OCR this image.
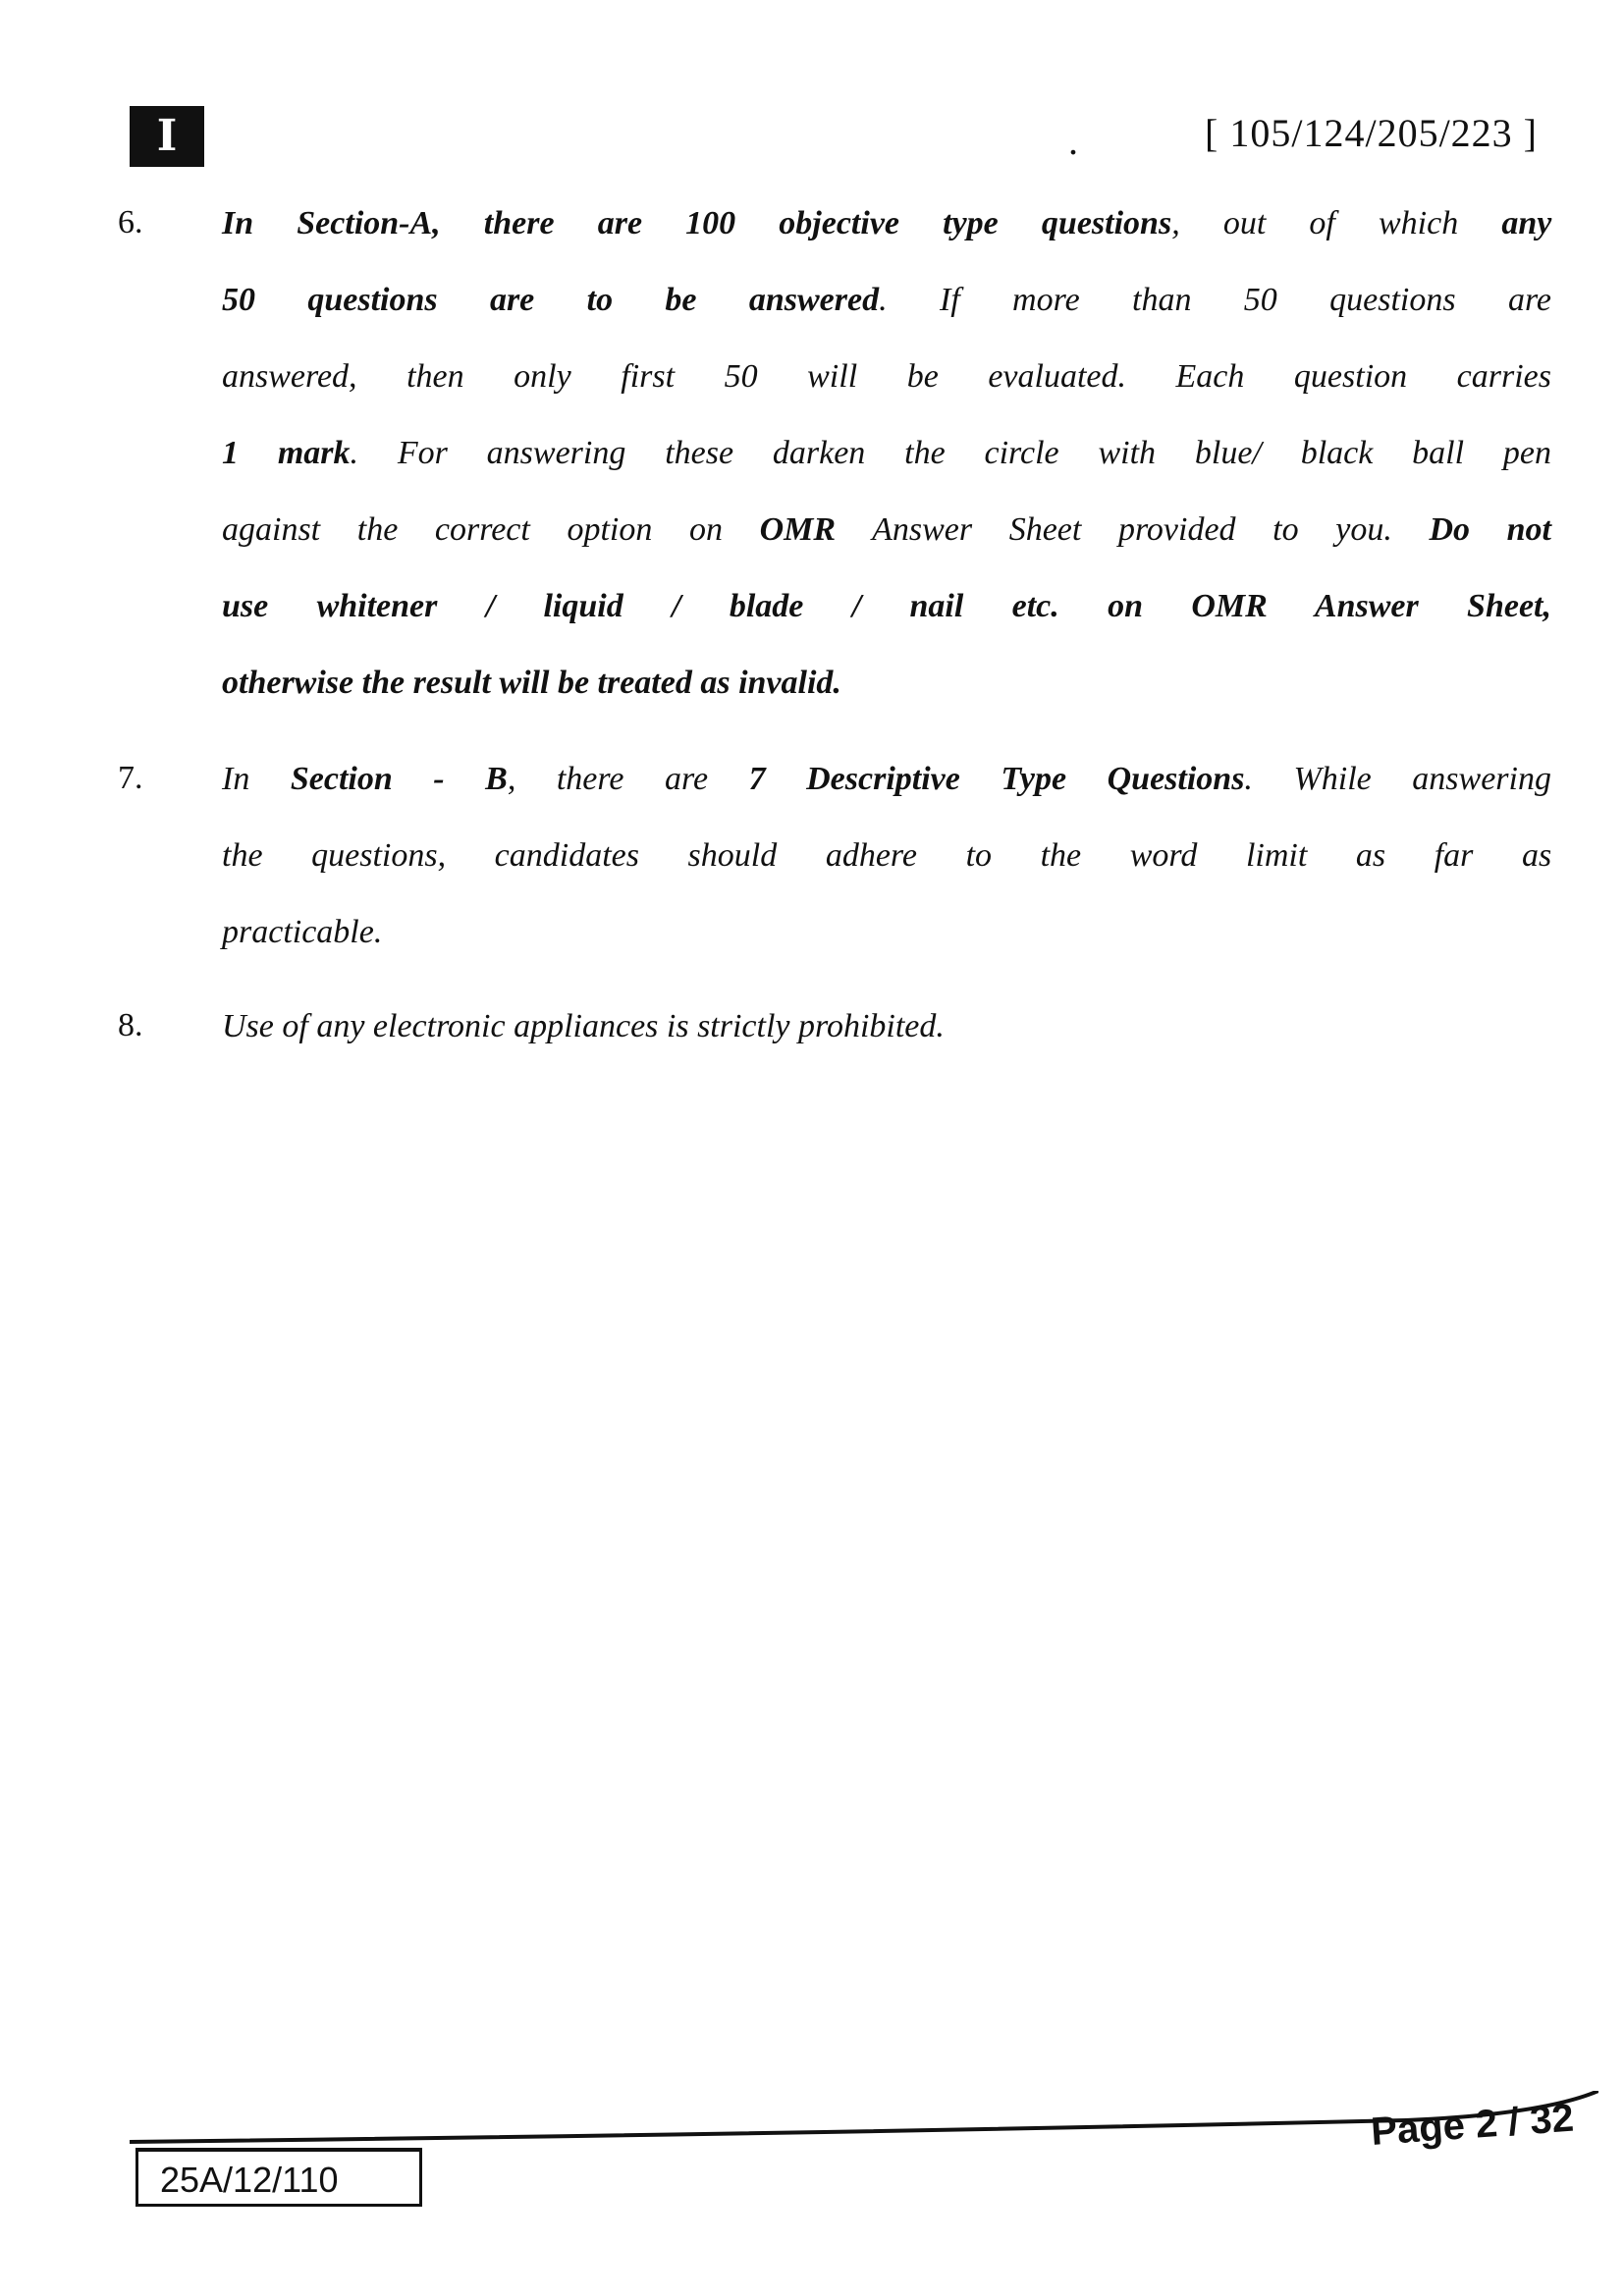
I	.	[ 105/124/205/223 ]
6. In Section-A, there are 100 objective type questions, out of which any
50 questions are to be answered. If more than 50 questions are
answered, then only first 50 will be evaluated. Each question carries
1 mark. For answering these darken the circle with blue/ black ball pen
against the correct option on OMR Answer Sheet provided to you. Do not
use whitener / liquid / blade / nail etc. on OMR Answer Sheet,
otherwise the result will be treated as invalid.
7. In Section - B, there are 7 Descriptive Type Questions. While answering
the questions, candidates should adhere to the word limit as far as
practicable.
8. Use of any electronic appliances is strictly prohibited.
25A/12/110
Page 2 / 32
